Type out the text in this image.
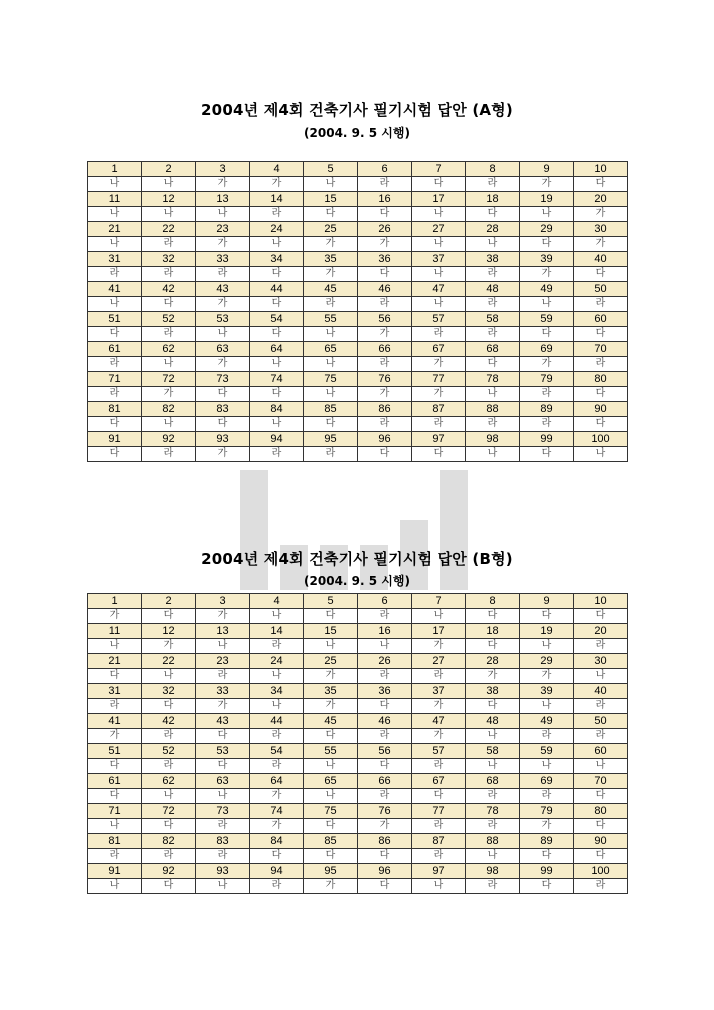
2004년 제4회 건축기사 필기시험 답안 (A형)
(2004. 9. 5 시행)
1	2	3	4	5	6	7	8	9	10
나	나	가	가	나	라	다	라	가	다
11	12	13	14	15	16	17	18	19	20
나	나	나	라	다	다	나	다	나	가
21	22	23	24	25	26	27	28	29	30
나	라	가	나	가	가	나	나	다	가
31	32	33	34	35	36	37	38	39	40
라	라	라	다	가	다	나	라	가	다
41	42	43	44	45	46	47	48	49	50
나	다	가	다	라	라	나	라	나	라
51	52	53	54	55	56	57	58	59	60
다	라	나	다	나	가	라	라	다	다
61	62	63	64	65	66	67	68	69	70
라	나	가	나	나	라	가	다	가	라
71	72	73	74	75	76	77	78	79	80
라	가	다	다	나	가	가	나	라	다
81	82	83	84	85	86	87	88	89	90
다	나	다	나	다	라	라	라	라	다
91	92	93	94	95	96	97	98	99	100
다	라	가	라	라	다	다	나	다	나
2004년 제4회 건축기사 필기시험 답안 (B형)
(2004. 9. 5 시행)
1	2	3	4	5	6	7	8	9	10
가	다	가	나	다	라	나	다	다	다
11	12	13	14	15	16	17	18	19	20
나	가	나	라	나	나	가	다	나	라
21	22	23	24	25	26	27	28	29	30
다	나	라	나	가	라	라	가	가	나
31	32	33	34	35	36	37	38	39	40
라	다	가	나	가	다	가	다	나	라
41	42	43	44	45	46	47	48	49	50
가	라	다	라	다	라	가	나	라	라
51	52	53	54	55	56	57	58	59	60
다	라	다	라	나	다	라	나	나	나
61	62	63	64	65	66	67	68	69	70
다	나	나	가	나	라	다	라	라	다
71	72	73	74	75	76	77	78	79	80
나	다	라	가	다	가	라	라	가	다
81	82	83	84	85	86	87	88	89	90
라	라	라	다	다	다	라	나	다	다
91	92	93	94	95	96	97	98	99	100
나	다	나	라	가	다	나	라	다	라
